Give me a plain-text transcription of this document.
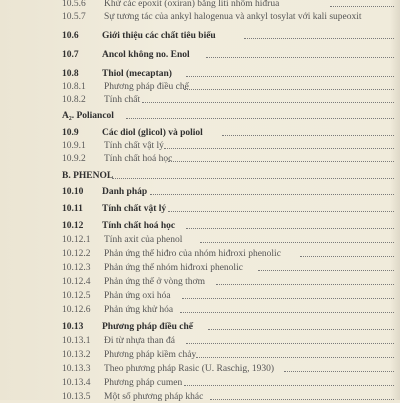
10.5.6 Khử các epoxit (oxiran) bằng liti nhôm hiđrua
10.5.7 Sự tương tác của ankyl halogenua và ankyl tosylat với kali supeoxit
10.6 Giới thiệu các chất tiêu biểu
10.7 Ancol không no. Enol
10.8 Thiol (mecaptan)
10.8.1 Phương pháp điều chế
10.8.2 Tính chất
A₂. Poliancol
10.9 Các diol (glicol) và poliol
10.9.1 Tính chất vật lý
10.9.2 Tính chất hoá học
B. PHENOL
10.10 Danh pháp
10.11 Tính chất vật lý
10.12 Tính chất hoá học
10.12.1 Tính axit của phenol
10.12.2 Phản ứng thế hiđro của nhóm hiđroxi phenolic
10.12.3 Phản ứng thế nhóm hiđroxi phenolic
10.12.4 Phản ứng thế ở vòng thơm
10.12.5 Phản ứng oxi hóa
10.12.6 Phản ứng khử hóa
10.13 Phương pháp điều chế
10.13.1 Đi từ nhựa than đá
10.13.2 Phương pháp kiềm chảy
10.13.3 Theo phương pháp Rasic (U. Raschig, 1930)
10.13.4 Phương pháp cumen
10.13.5 Một số phương pháp khác
